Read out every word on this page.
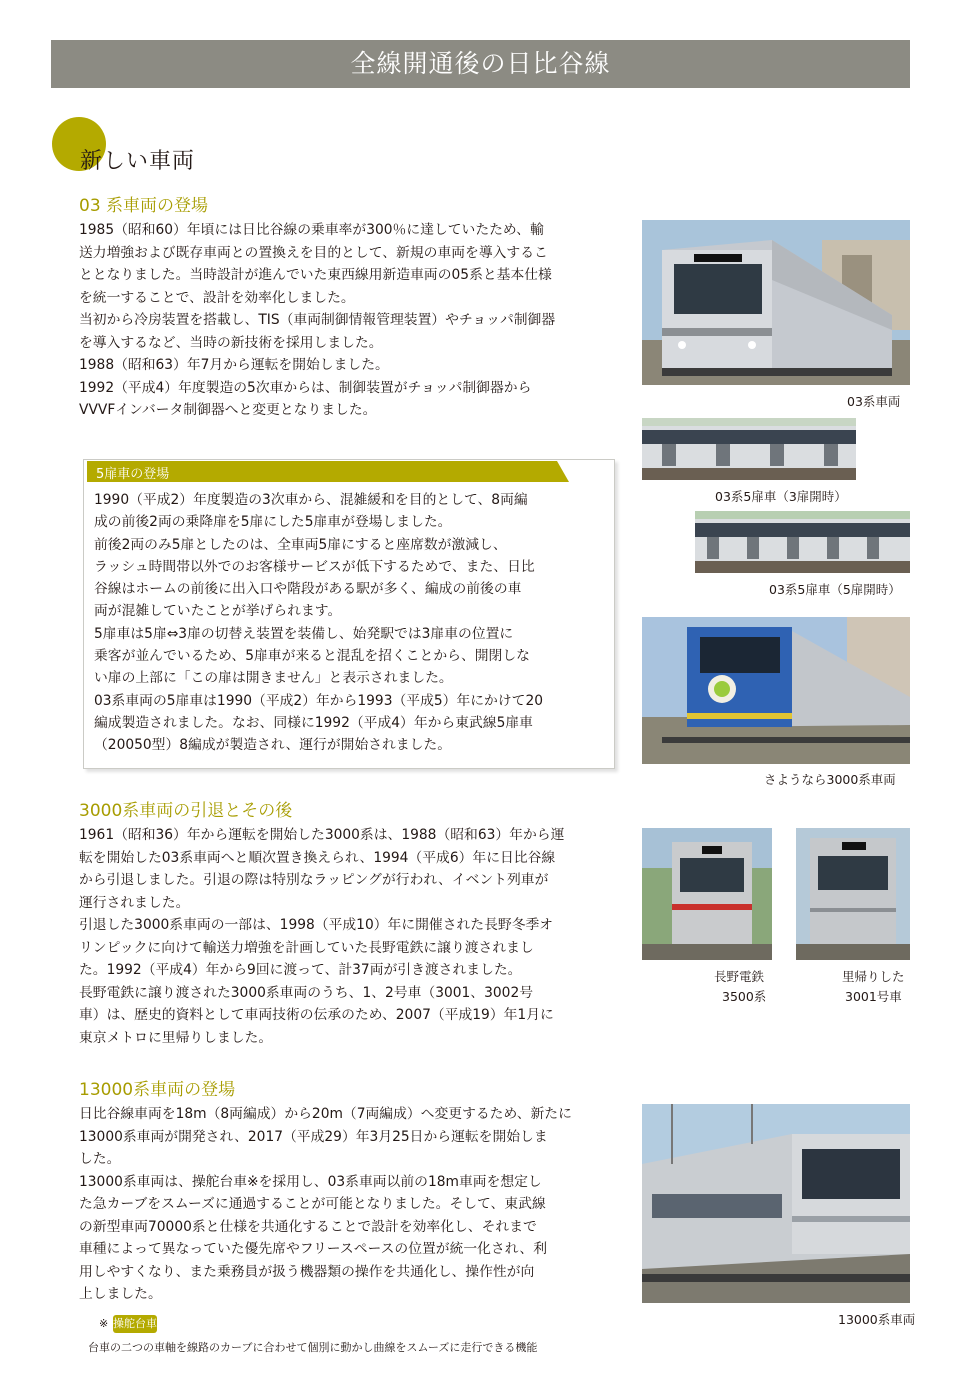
全線開通後の日比谷線
新しい車両
03 系車両の登場
1985（昭和60）年頃には日比谷線の乗車率が300％に達していたため、輸
送力増強および既存車両との置換えを目的として、新規の車両を導入するこ
ととなりました。当時設計が進んでいた東西線用新造車両の05系と基本仕様
を統一することで、設計を効率化しました。
当初から冷房装置を搭載し、TIS（車両制御情報管理装置）やチョッパ制御器
を導入するなど、当時の新技術を採用しました。
1988（昭和63）年7月から運転を開始しました。
1992（平成4）年度製造の5次車からは、制御装置がチョッパ制御器から
VVVFインバータ制御器へと変更となりました。
5扉車の登場
1990（平成2）年度製造の3次車から、混雑緩和を目的として、8両編
成の前後2両の乗降扉を5扉にした5扉車が登場しました。
前後2両のみ5扉としたのは、全車両5扉にすると座席数が激減し、
ラッシュ時間帯以外でのお客様サービスが低下するためで、また、日比
谷線はホームの前後に出入口や階段がある駅が多く、編成の前後の車
両が混雑していたことが挙げられます。
5扉車は5扉⇔3扉の切替え装置を装備し、始発駅では3扉車の位置に
乗客が並んでいるため、5扉車が来ると混乱を招くことから、開閉しな
い扉の上部に「この扉は開きません」と表示されました。
03系車両の5扉車は1990（平成2）年から1993（平成5）年にかけて20
編成製造されました。なお、同様に1992（平成4）年から東武線5扉車
（20050型）8編成が製造され、運行が開始されました。
3000系車両の引退とその後
1961（昭和36）年から運転を開始した3000系は、1988（昭和63）年から運
転を開始した03系車両へと順次置き換えられ、1994（平成6）年に日比谷線
から引退しました。引退の際は特別なラッピングが行われ、イベント列車が
運行されました。
引退した3000系車両の一部は、1998（平成10）年に開催された長野冬季オ
リンピックに向けて輸送力増強を計画していた長野電鉄に譲り渡されまし
た。1992（平成4）年から9回に渡って、計37両が引き渡されました。
長野電鉄に譲り渡された3000系車両のうち、1、2号車（3001、3002号
車）は、歴史的資料として車両技術の伝承のため、2007（平成19）年1月に
東京メトロに里帰りしました。
13000系車両の登場
日比谷線車両を18m（8両編成）から20m（7両編成）へ変更するため、新たに
13000系車両が開発され、2017（平成29）年3月25日から運転を開始しま
した。
13000系車両は、操舵台車※を採用し、03系車両以前の18m車両を想定し
た急カーブをスムーズに通過することが可能となりました。そして、東武線
の新型車両70000系と仕様を共通化することで設計を効率化し、それまで
車種によって異なっていた優先席やフリースペースの位置が統一化され、利
用しやすくなり、また乗務員が扱う機器類の操作を共通化し、操作性が向
上しました。
※ 操舵台車
台車の二つの車軸を線路のカーブに合わせて個別に動かし曲線をスムーズに走行できる機能
03系車両
03系5扉車（3扉開時）
03系5扉車（5扉開時）
さようなら3000系車両
長野電鉄
3500系
里帰りした
3001号車
13000系車両
